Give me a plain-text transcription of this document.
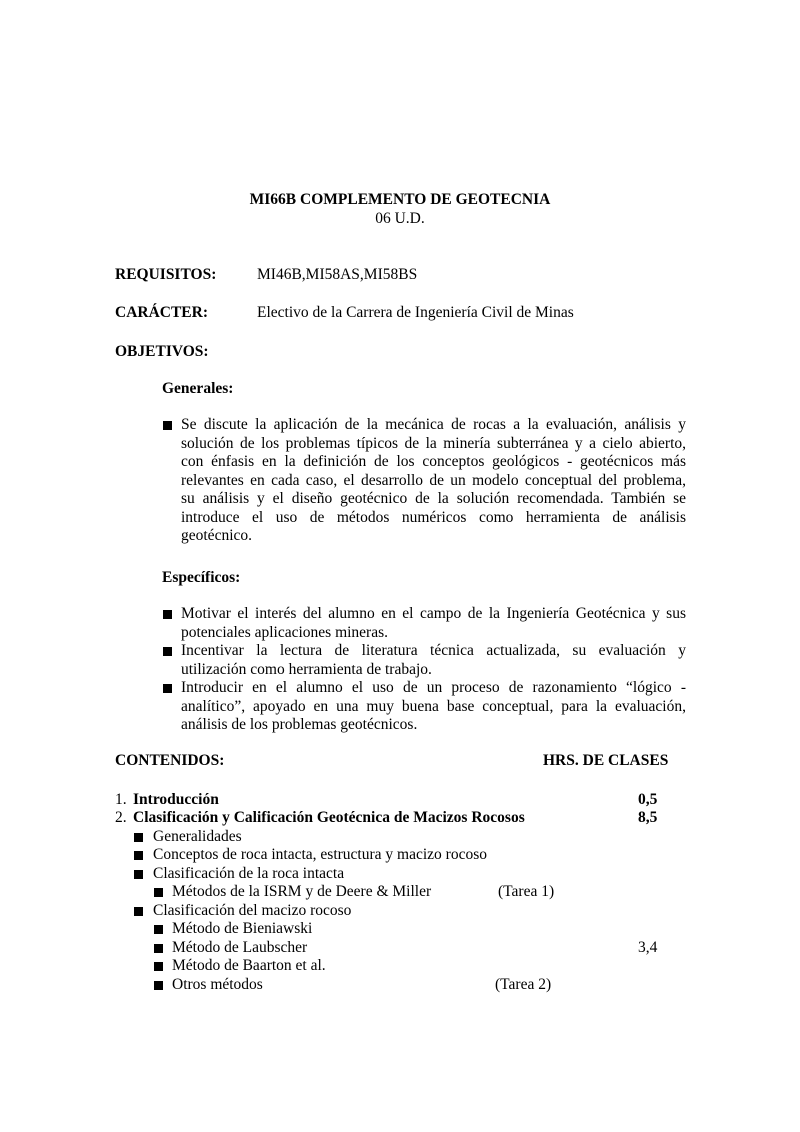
MI66B COMPLEMENTO DE GEOTECNIA
06 U.D.
REQUISITOS:	MI46B,MI58AS,MI58BS
CARÁCTER:	Electivo de la Carrera de Ingeniería Civil de Minas
OBJETIVOS:
Generales:
Se discute la aplicación de la mecánica de rocas a la evaluación, análisis y
solución de los problemas típicos de la minería subterránea y a cielo abierto,
con énfasis en la definición de los conceptos geológicos - geotécnicos más
relevantes en cada caso, el desarrollo de un modelo conceptual del problema,
su análisis y el diseño geotécnico de la solución recomendada. También se
introduce el uso de métodos numéricos como herramienta de análisis
geotécnico.
Específicos:
Motivar el interés del alumno en el campo de la Ingeniería Geotécnica y sus
potenciales aplicaciones mineras.
Incentivar la lectura de literatura técnica actualizada, su evaluación y
utilización como herramienta de trabajo.
Introducir en el alumno el uso de un proceso de razonamiento “lógico -
analítico”, apoyado en una muy buena base conceptual, para la evaluación,
análisis de los problemas geotécnicos.
CONTENIDOS:	HRS. DE CLASES
1. Introducción	0,5
2. Clasificación y Calificación Geotécnica de Macizos Rocosos	8,5
Generalidades
Conceptos de roca intacta, estructura y macizo rocoso
Clasificación de la roca intacta
Métodos de la ISRM y de Deere & Miller	(Tarea 1)
Clasificación del macizo rocoso
Método de Bieniawski
Método de Laubscher	3,4
Método de Baarton et al.
Otros métodos	(Tarea 2)
